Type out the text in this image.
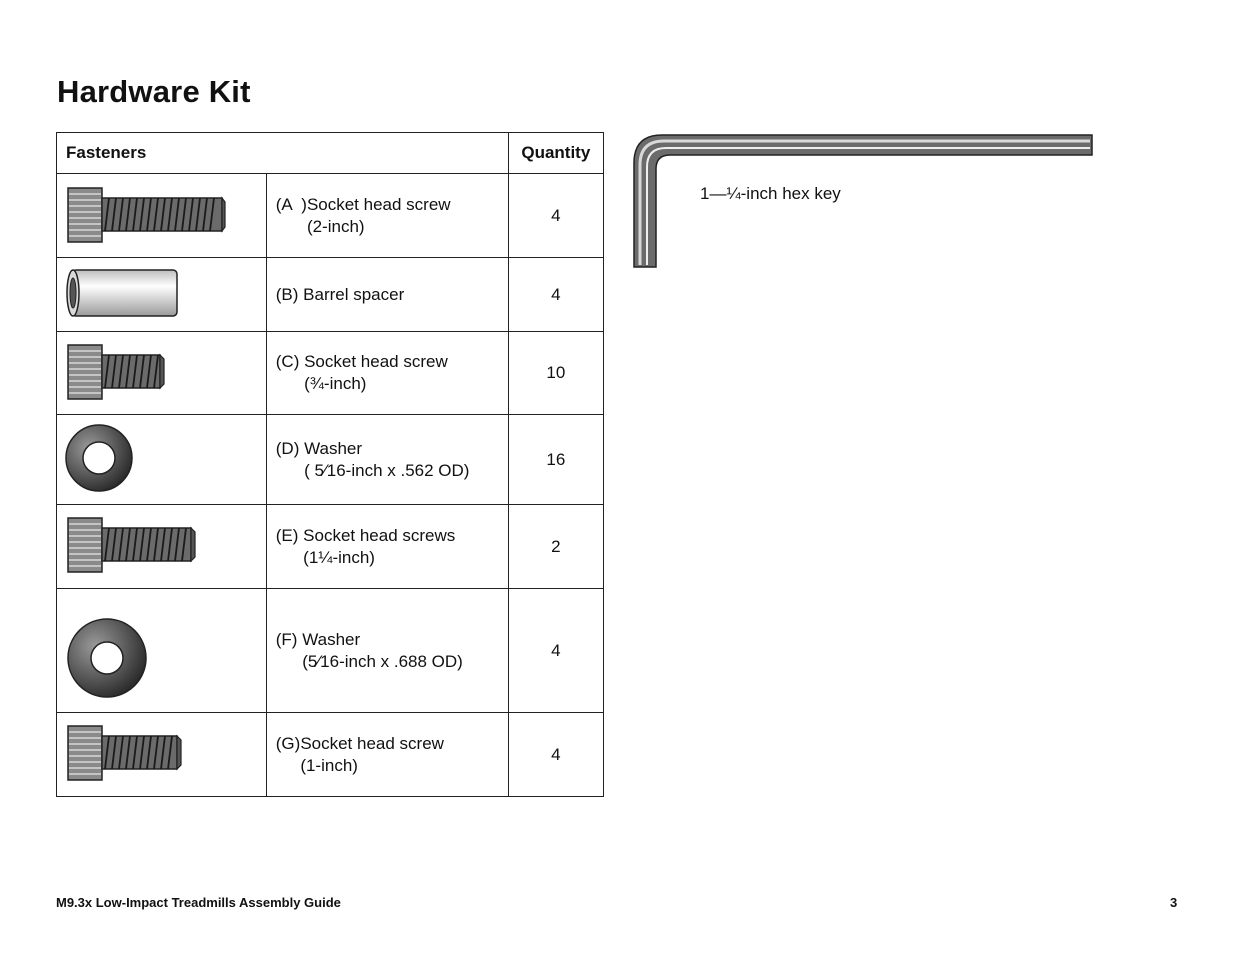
Hardware Kit
Fasteners		Quantity

(A  ) Socket head screw
(2-inch)	4

(B) Barrel spacer	4

(C) Socket head screw
(¾-inch)	10

(D) Washer
( 5⁄16-inch x .562 OD)	16

(E) Socket head screws
(1¼-inch)	2

(F) Washer
(5⁄16-inch x .688 OD)	4

(G) Socket head screw
(1-inch)	4
1—¼-inch hex key
M9.3x Low-Impact Treadmills Assembly Guide	3
